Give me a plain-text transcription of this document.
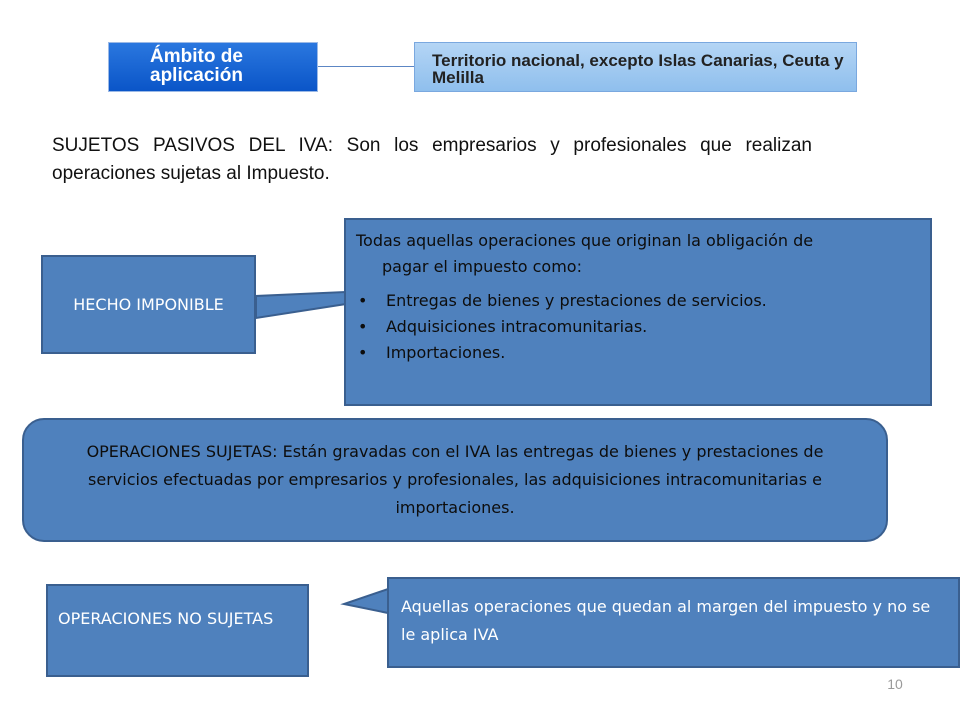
Ámbito de aplicación
Territorio nacional, excepto Islas Canarias, Ceuta y Melilla
SUJETOS PASIVOS DEL IVA: Son los empresarios y profesionales que realizan operaciones sujetas al Impuesto.
HECHO IMPONIBLE
Todas aquellas operaciones que originan la obligación de
pagar el impuesto como:
• Entregas de bienes y prestaciones de servicios.
• Adquisiciones intracomunitarias.
• Importaciones.
OPERACIONES SUJETAS: Están gravadas con el IVA las entregas de bienes y prestaciones de servicios efectuadas por empresarios y profesionales, las adquisiciones intracomunitarias e importaciones.
OPERACIONES NO SUJETAS
Aquellas operaciones que quedan al margen del impuesto y no se le aplica IVA
10
